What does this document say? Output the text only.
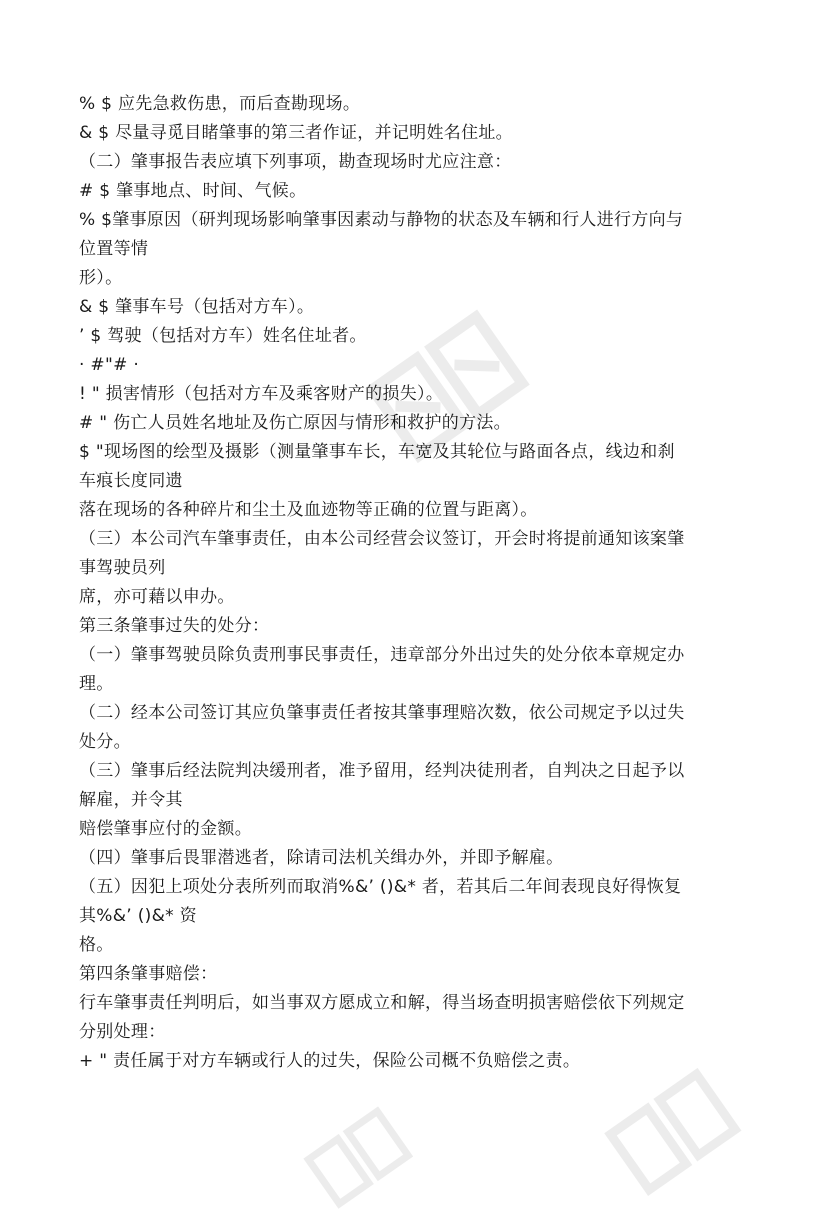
% $ 应先急救伤患，而后查勘现场。
& $ 尽量寻觅目睹肇事的第三者作证，并记明姓名住址。
（二）肇事报告表应填下列事项，勘查现场时尤应注意：
# $ 肇事地点、时间、气候。
% $肇事原因（研判现场影响肇事因素动与静物的状态及车辆和行人进行方向与
位置等情
形）。
& $ 肇事车号（包括对方车）。
’ $ 驾驶（包括对方车）姓名住址者。
· #"# ·
! " 损害情形（包括对方车及乘客财产的损失）。
# " 伤亡人员姓名地址及伤亡原因与情形和救护的方法。
$ "现场图的绘型及摄影（测量肇事车长，车宽及其轮位与路面各点，线边和刹
车痕长度同遗
落在现场的各种碎片和尘土及血迹物等正确的位置与距离）。
（三）本公司汽车肇事责任，由本公司经营会议签订，开会时将提前通知该案肇
事驾驶员列
席，亦可藉以申办。
第三条肇事过失的处分：
（一）肇事驾驶员除负责刑事民事责任，违章部分外出过失的处分依本章规定办
理。
（二）经本公司签订其应负肇事责任者按其肇事理赔次数，依公司规定予以过失
处分。
（三）肇事后经法院判决缓刑者，准予留用，经判决徒刑者，自判决之日起予以
解雇，并令其
赔偿肇事应付的金额。
（四）肇事后畏罪潜逃者，除请司法机关缉办外，并即予解雇。
（五）因犯上项处分表所列而取消%&’ ()&* 者，若其后二年间表现良好得恢复
其%&’ ()&* 资
格。
第四条肇事赔偿：
行车肇事责任判明后，如当事双方愿成立和解，得当场查明损害赔偿依下列规定
分别处理：
+ " 责任属于对方车辆或行人的过失，保险公司概不负赔偿之责。
